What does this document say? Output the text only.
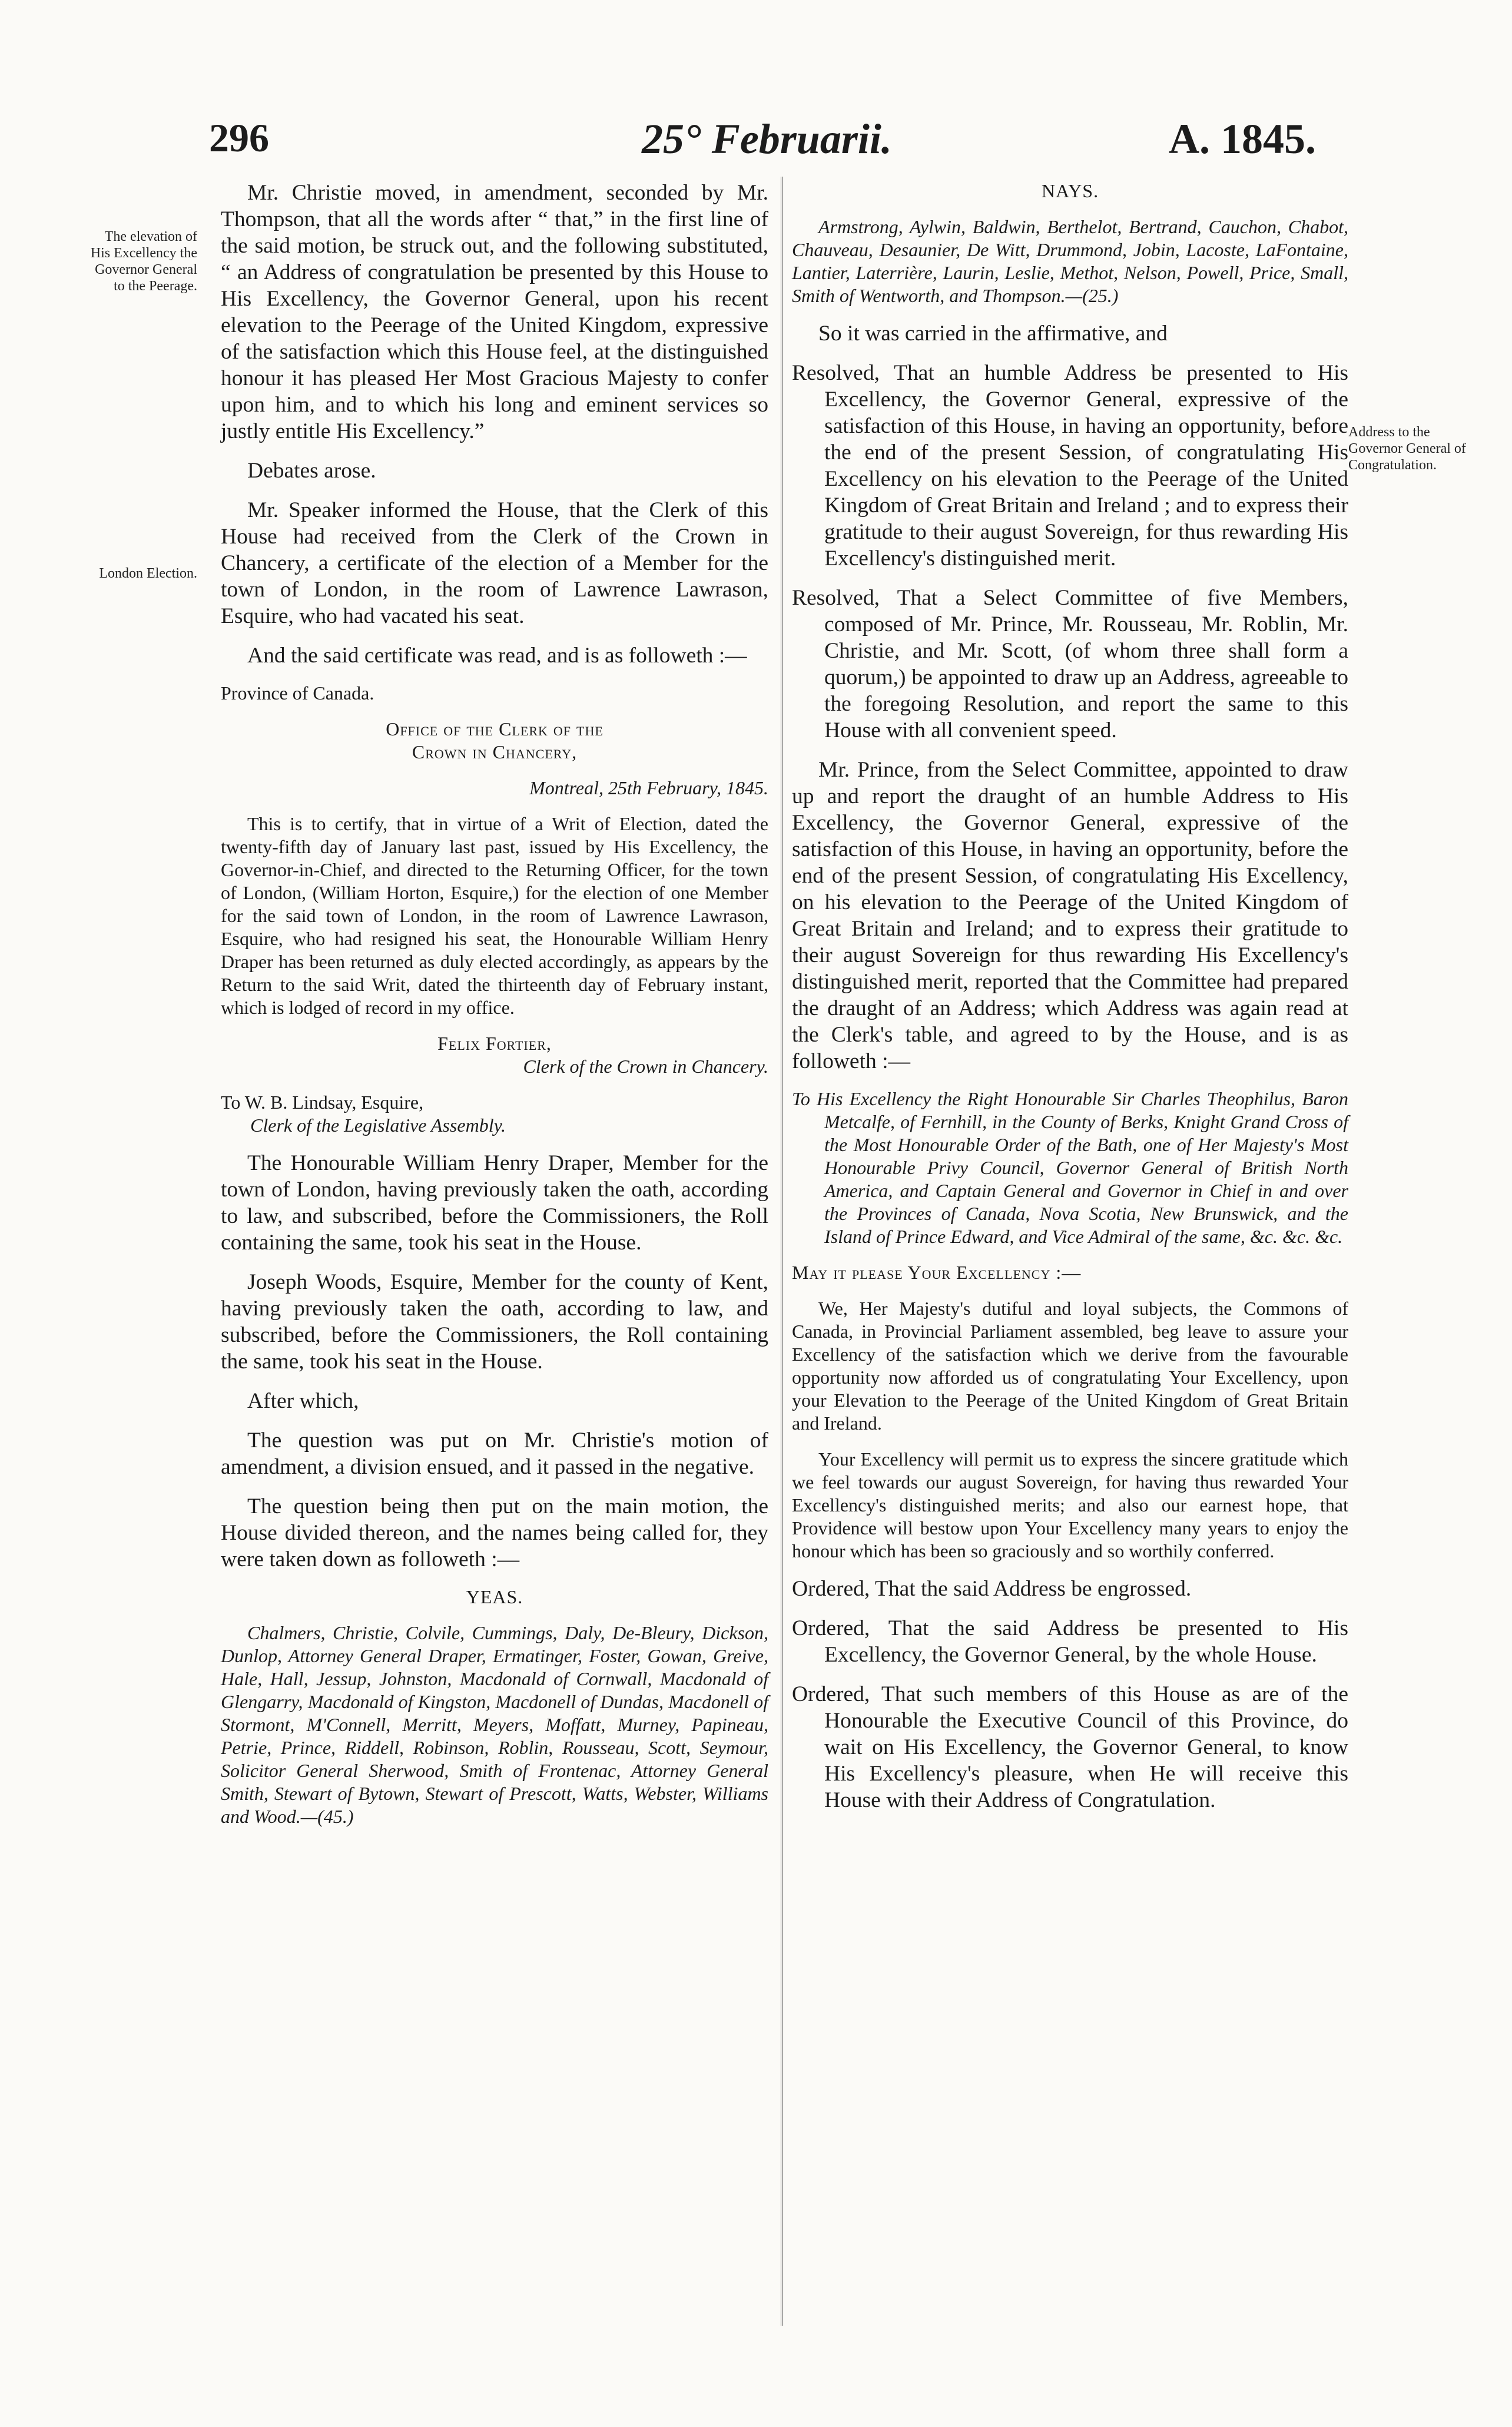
296	25° Februarii.	A. 1845.
The elevation of His Excellency the Governor General to the Peerage.
London Election.
Address to the Governor General of Congratulation.

Mr. Christie moved, in amendment, seconded by Mr. Thompson, that all the words after “ that,” in the first line of the said motion, be struck out, and the following substituted, “ an Address of congratulation be presented by this House to His Excellency, the Governor General, upon his recent elevation to the Peerage of the United Kingdom, expressive of the satisfaction which this House feel, at the distinguished honour it has pleased Her Most Gracious Majesty to confer upon him, and to which his long and eminent services so justly entitle His Excellency.”

Debates arose.

Mr. Speaker informed the House, that the Clerk of this House had received from the Clerk of the Crown in Chancery, a certificate of the election of a Member for the town of London, in the room of Lawrence Lawrason, Esquire, who had vacated his seat.

And the said certificate was read, and is as followeth :—

Province of Canada.

Office of the Clerk of the

Crown in Chancery,

Montreal, 25th February, 1845.

This is to certify, that in virtue of a Writ of Election, dated the twenty-fifth day of January last past, issued by His Excellency, the Governor-in-Chief, and directed to the Returning Officer, for the town of London, (William Horton, Esquire,) for the election of one Member for the said town of London, in the room of Lawrence Lawrason, Esquire, who had resigned his seat, the Honourable William Henry Draper has been returned as duly elected accordingly, as appears by the Return to the said Writ, dated the thirteenth day of February instant, which is lodged of record in my office.

Felix Fortier,

Clerk of the Crown in Chancery.

To W. B. Lindsay, Esquire,

Clerk of the Legislative Assembly.

The Honourable William Henry Draper, Member for the town of London, having previously taken the oath, according to law, and subscribed, before the Commissioners, the Roll containing the same, took his seat in the House.

Joseph Woods, Esquire, Member for the county of Kent, having previously taken the oath, according to law, and subscribed, before the Commissioners, the Roll containing the same, took his seat in the House.

After which,

The question was put on Mr. Christie's motion of amendment, a division ensued, and it passed in the negative.

The question being then put on the main motion, the House divided thereon, and the names being called for, they were taken down as followeth :—

YEAS.

Chalmers, Christie, Colvile, Cummings, Daly, De-Bleury, Dickson, Dunlop, Attorney General Draper, Ermatinger, Foster, Gowan, Greive, Hale, Hall, Jessup, Johnston, Macdonald of Cornwall, Macdonald of Glengarry, Macdonald of Kingston, Macdonell of Dundas, Macdonell of Stormont, M'Connell, Merritt, Meyers, Moffatt, Murney, Papineau, Petrie, Prince, Riddell, Robinson, Roblin, Rousseau, Scott, Seymour, Solicitor General Sherwood, Smith of Frontenac, Attorney General Smith, Stewart of Bytown, Stewart of Prescott, Watts, Webster, Williams and Wood.—(45.)

NAYS.

Armstrong, Aylwin, Baldwin, Berthelot, Bertrand, Cauchon, Chabot, Chauveau, Desaunier, De Witt, Drummond, Jobin, Lacoste, LaFontaine, Lantier, Laterrière, Laurin, Leslie, Methot, Nelson, Powell, Price, Small, Smith of Wentworth, and Thompson.—(25.)

So it was carried in the affirmative, and

Resolved, That an humble Address be presented to His Excellency, the Governor General, expressive of the satisfaction of this House, in having an opportunity, before the end of the present Session, of congratulating His Excellency on his elevation to the Peerage of the United Kingdom of Great Britain and Ireland ; and to express their gratitude to their august Sovereign, for thus rewarding His Excellency's distinguished merit.

Resolved, That a Select Committee of five Members, composed of Mr. Prince, Mr. Rousseau, Mr. Roblin, Mr. Christie, and Mr. Scott, (of whom three shall form a quorum,) be appointed to draw up an Address, agreeable to the foregoing Resolution, and report the same to this House with all convenient speed.

Mr. Prince, from the Select Committee, appointed to draw up and report the draught of an humble Address to His Excellency, the Governor General, expressive of the satisfaction of this House, in having an opportunity, before the end of the present Session, of congratulating His Excellency, on his elevation to the Peerage of the United Kingdom of Great Britain and Ireland; and to express their gratitude to their august Sovereign for thus rewarding His Excellency's distinguished merit, reported that the Committee had prepared the draught of an Address; which Address was again read at the Clerk's table, and agreed to by the House, and is as followeth :—

To His Excellency the Right Honourable Sir Charles Theophilus, Baron Metcalfe, of Fernhill, in the County of Berks, Knight Grand Cross of the Most Honourable Order of the Bath, one of Her Majesty's Most Honourable Privy Council, Governor General of British North America, and Captain General and Governor in Chief in and over the Provinces of Canada, Nova Scotia, New Brunswick, and the Island of Prince Edward, and Vice Admiral of the same, &c. &c. &c.

May it please Your Excellency :—

We, Her Majesty's dutiful and loyal subjects, the Commons of Canada, in Provincial Parliament assembled, beg leave to assure your Excellency of the satisfaction which we derive from the favourable opportunity now afforded us of congratulating Your Excellency, upon your Elevation to the Peerage of the United Kingdom of Great Britain and Ireland.

Your Excellency will permit us to express the sincere gratitude which we feel towards our august Sovereign, for having thus rewarded Your Excellency's distinguished merits; and also our earnest hope, that Providence will bestow upon Your Excellency many years to enjoy the honour which has been so graciously and so worthily conferred.

Ordered, That the said Address be engrossed.

Ordered, That the said Address be presented to His Excellency, the Governor General, by the whole House.

Ordered, That such members of this House as are of the Honourable the Executive Council of this Province, do wait on His Excellency, the Governor General, to know His Excellency's pleasure, when He will receive this House with their Address of Congratulation.
